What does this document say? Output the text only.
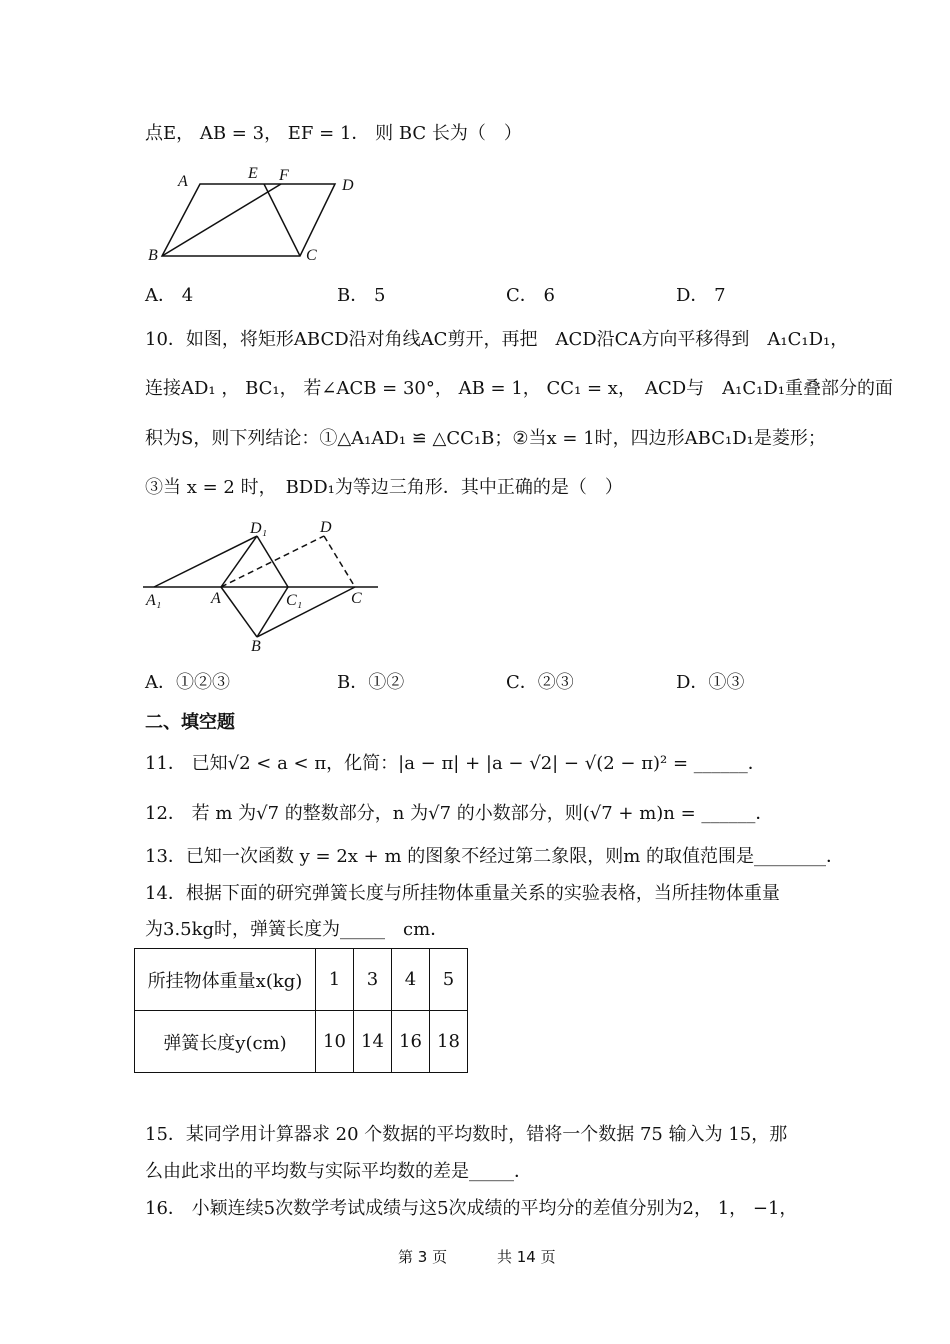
点E， AB = 3， EF = 1． 则 BC 长为（　）
A	E F
D
B	C
A． 4	B． 5	C． 6	D． 7
10．如图，将矩形ABCD沿对角线AC剪开，再把　ACD沿CA方向平移得到　A₁C₁D₁，
连接AD₁ ， BC₁， 若∠ACB = 30°， AB = 1， CC₁ = x，　ACD与　A₁C₁D₁重叠部分的面
积为S，则下列结论：①△A₁AD₁ ≌ △CC₁B；②当x = 1时，四边形ABC₁D₁是菱形；
③当 x = 2 时，　BDD₁为等边三角形．其中正确的是（　）
D₁	D
A₁	A	C₁	C
B
A．①②③	B．①②	C．②③	D．①③
二、填空题
11． 已知√2 < a < π，化简：|a − π| + |a − √2| − √(2 − π)² = ______．
12． 若 m 为√7 的整数部分，n 为√7 的小数部分，则(√7 + m)n = ______．
13．已知一次函数 y = 2x + m 的图象不经过第二象限，则m 的取值范围是________．
14．根据下面的研究弹簧长度与所挂物体重量关系的实验表格，当所挂物体重量
为3.5kg时，弹簧长度为_____　cm．
所挂物体重量x(kg)	1	3	4	5
弹簧长度y(cm)	10	14	16	18
15．某同学用计算器求 20 个数据的平均数时，错将一个数据 75 输入为 15，那
么由此求出的平均数与实际平均数的差是_____．
16． 小颖连续5次数学考试成绩与这5次成绩的平均分的差值分别为2， 1， −1，
第 3 页	共 14 页
